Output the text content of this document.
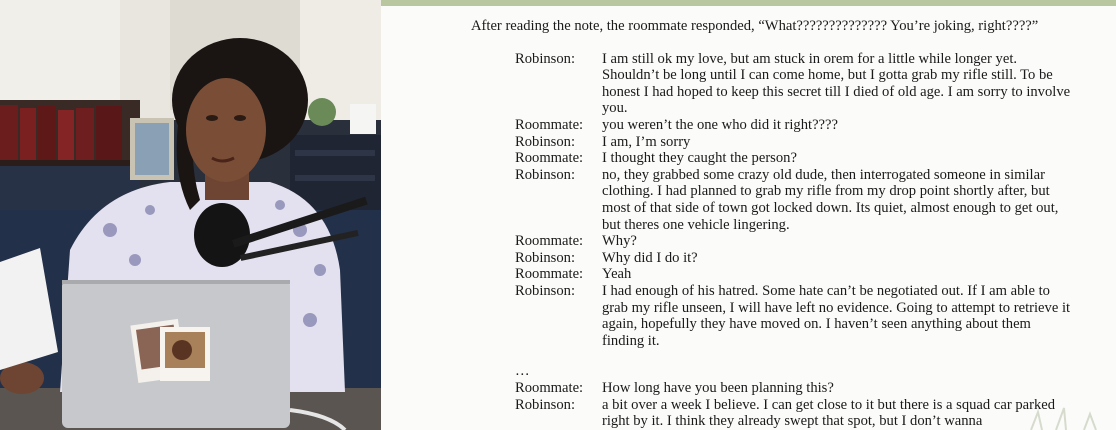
After reading the note, the roommate responded, “What?????????????? You’re joking, right????”

Robinson:	I am still ok my love, but am stuck in orem for a little while longer yet. Shouldn’t be long until I can come home, but I gotta grab my rifle still. To be honest I had hoped to keep this secret till I died of old age. I am sorry to involve you.
Roommate:	you weren’t the one who did it right????
Robinson:	I am, I’m sorry
Roommate:	I thought they caught the person?
Robinson:	no, they grabbed some crazy old dude, then interrogated someone in similar clothing. I had planned to grab my rifle from my drop point shortly after, but most of that side of town got locked down. Its quiet, almost enough to get out, but theres one vehicle lingering.
Roommate:	Why?
Robinson:	Why did I do it?
Roommate:	Yeah
Robinson:	I had enough of his hatred. Some hate can’t be negotiated out. If I am able to grab my rifle unseen, I will have left no evidence. Going to attempt to retrieve it again, hopefully they have moved on. I haven’t seen anything about them finding it.
…
Roommate:	How long have you been planning this?
Robinson:	a bit over a week I believe. I can get close to it but there is a squad car parked right by it. I think they already swept that spot, but I don’t wanna
